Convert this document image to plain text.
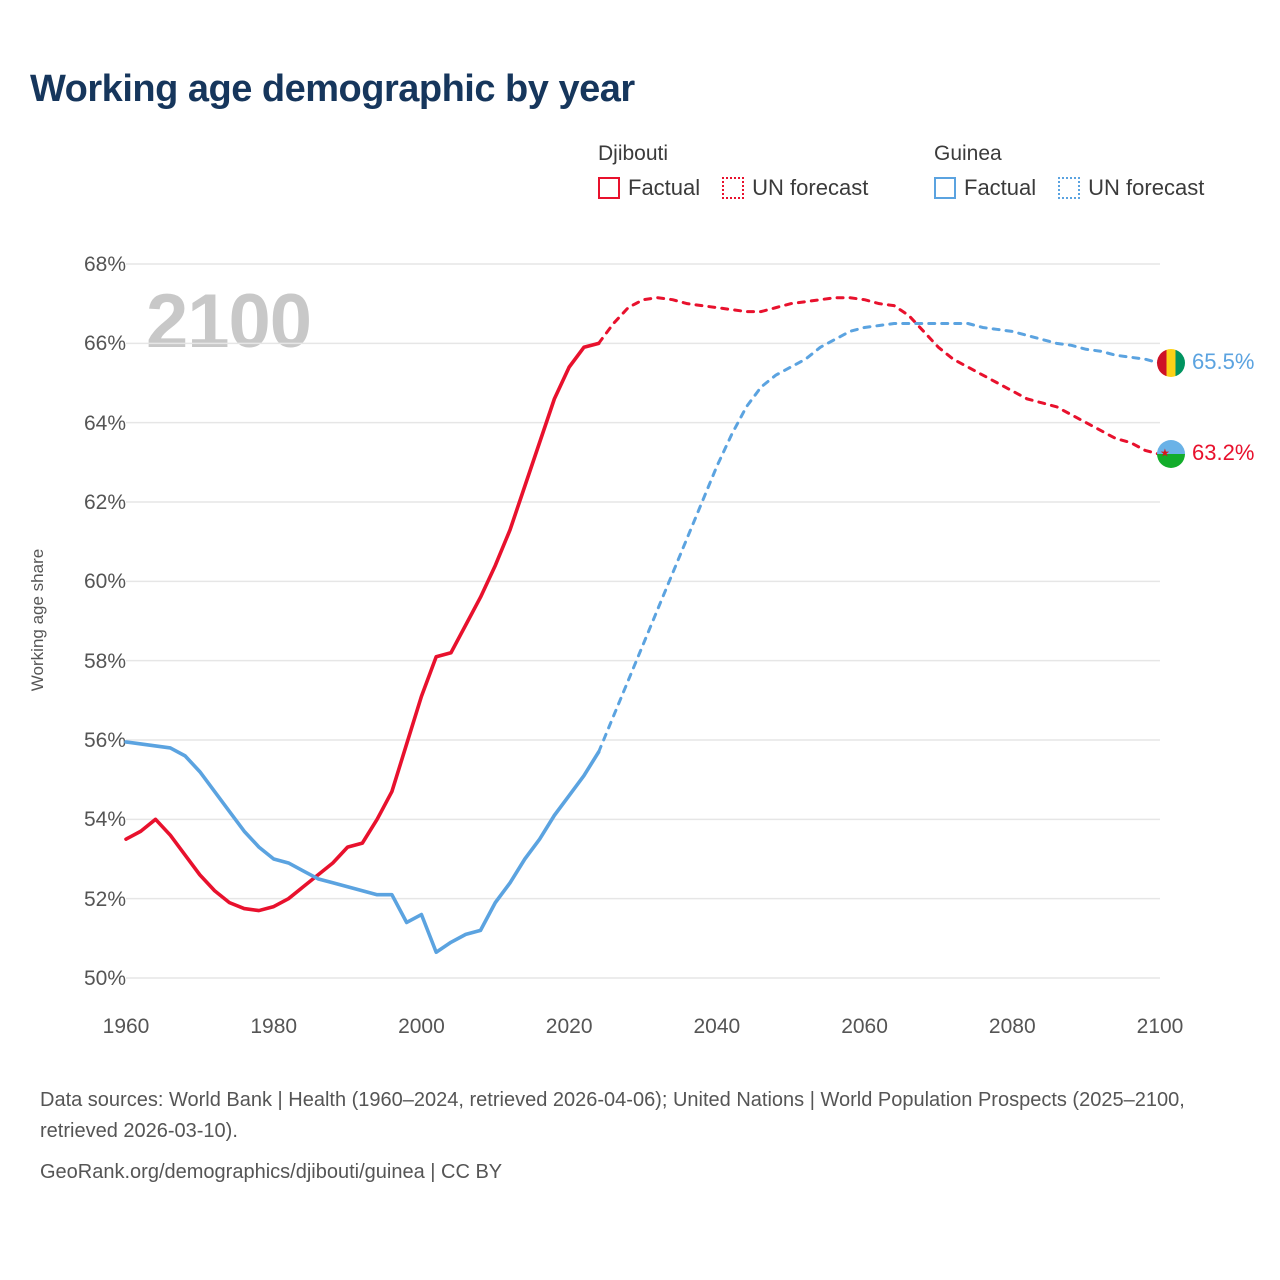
Working age demographic by year
Djibouti
Factual UN forecast
Guinea
Factual UN forecast
2100
Working age share
50%
52%
54%
56%
58%
60%
62%
64%
66%
68%
1960	1980	2000	2020	2040	2060	2080	2100
65.5%
★
63.2%
Data sources: World Bank | Health (1960–2024, retrieved 2026-04-06); United Nations | World Population Prospects (2025–2100, retrieved 2026-03-10).
GeoRank.org/demographics/djibouti/guinea | CC BY
